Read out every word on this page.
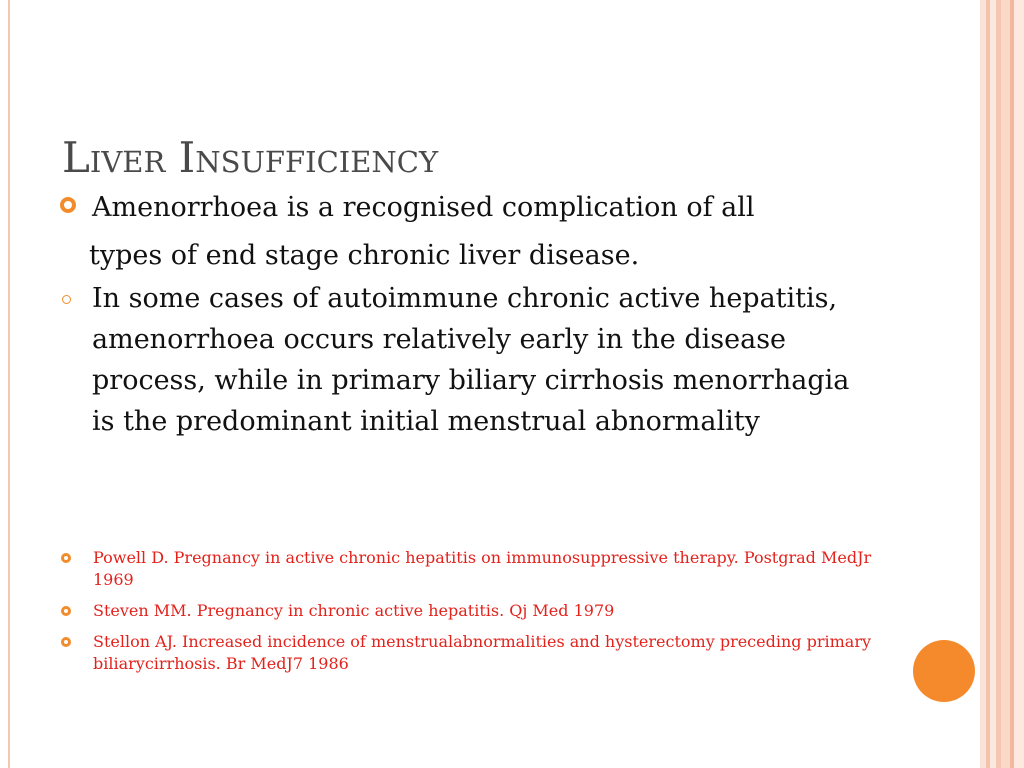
Liver Insufficiency
Amenorrhoea is a recognised complication of all
types of end stage chronic liver disease.
In some cases of autoimmune chronic active hepatitis, amenorrhoea occurs relatively early in the disease process, while in primary biliary cirrhosis menorrhagia is the predominant initial menstrual abnormality
Powell D. Pregnancy in active chronic hepatitis on immunosuppressive therapy. Postgrad MedJr 1969
Steven MM. Pregnancy in chronic active hepatitis. Qj Med 1979
Stellon AJ. Increased incidence of menstrualabnormalities and hysterectomy preceding primary biliarycirrhosis. Br MedJ7 1986
